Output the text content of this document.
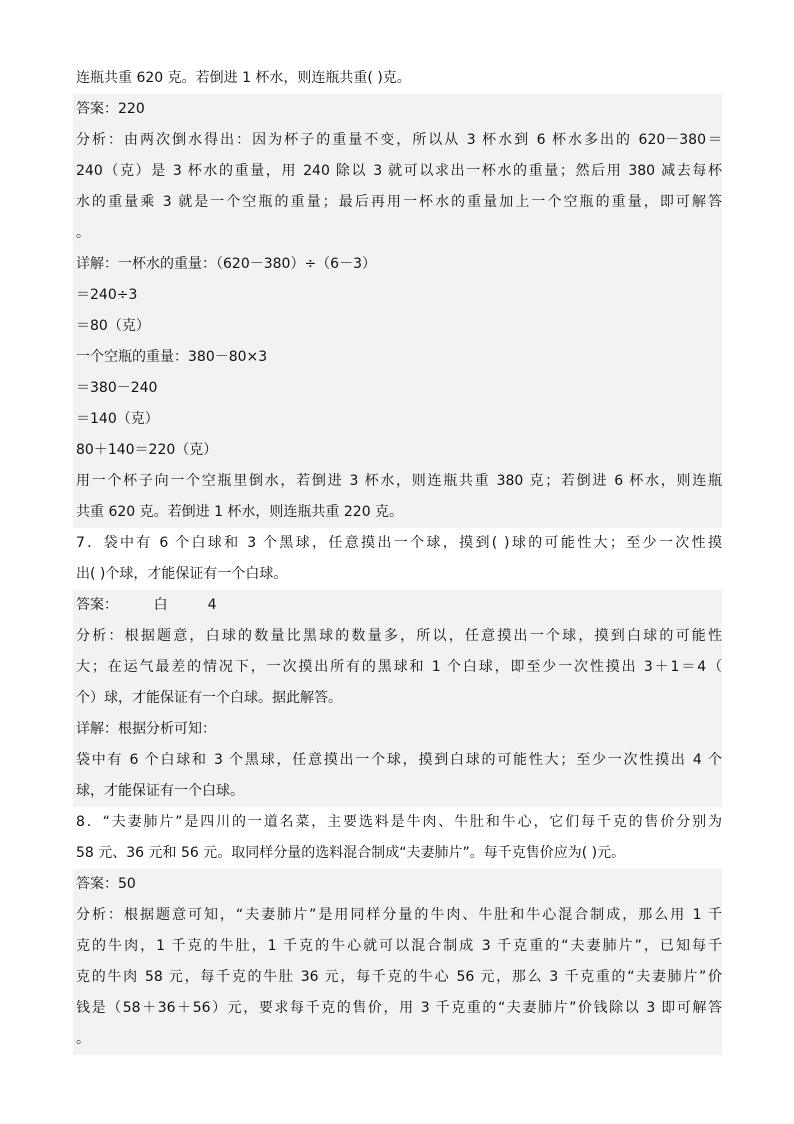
连瓶共重 620 克。若倒进 1 杯水，则连瓶共重( )克。
答案：220
分析：由两次倒水得出：因为杯子的重量不变，所以从 3 杯水到 6 杯水多出的 620－380＝
240（克）是 3 杯水的重量，用 240 除以 3 就可以求出一杯水的重量；然后用 380 减去每杯
水的重量乘 3 就是一个空瓶的重量；最后再用一杯水的重量加上一个空瓶的重量，即可解答
。
详解：一杯水的重量：（620－380）÷（6－3）
＝240÷3
＝80（克）
一个空瓶的重量：380－80×3
＝380－240
＝140（克）
80＋140＝220（克）
用一个杯子向一个空瓶里倒水，若倒进 3 杯水，则连瓶共重 380 克；若倒进 6 杯水，则连瓶
共重 620 克。若倒进 1 杯水，则连瓶共重 220 克。
7．袋中有 6 个白球和 3 个黑球，任意摸出一个球，摸到( )球的可能性大；至少一次性摸
出( )个球，才能保证有一个白球。
答案：        白         4
分析：根据题意，白球的数量比黑球的数量多，所以，任意摸出一个球，摸到白球的可能性
大；在运气最差的情况下，一次摸出所有的黑球和 1 个白球，即至少一次性摸出 3＋1＝4（
个）球，才能保证有一个白球。据此解答。
详解：根据分析可知：
袋中有 6 个白球和 3 个黑球，任意摸出一个球，摸到白球的可能性大；至少一次性摸出 4 个
球，才能保证有一个白球。
8．“夫妻肺片”是四川的一道名菜，主要选料是牛肉、牛肚和牛心，它们每千克的售价分别为
58 元、36 元和 56 元。取同样分量的选料混合制成“夫妻肺片”。每千克售价应为( )元。
答案：50
分析：根据题意可知，“夫妻肺片”是用同样分量的牛肉、牛肚和牛心混合制成，那么用 1 千
克的牛肉，1 千克的牛肚，1 千克的牛心就可以混合制成 3 千克重的“夫妻肺片”，已知每千
克的牛肉 58 元，每千克的牛肚 36 元，每千克的牛心 56 元，那么 3 千克重的“夫妻肺片”价
钱是（58＋36＋56）元，要求每千克的售价，用 3 千克重的“夫妻肺片”价钱除以 3 即可解答
。
